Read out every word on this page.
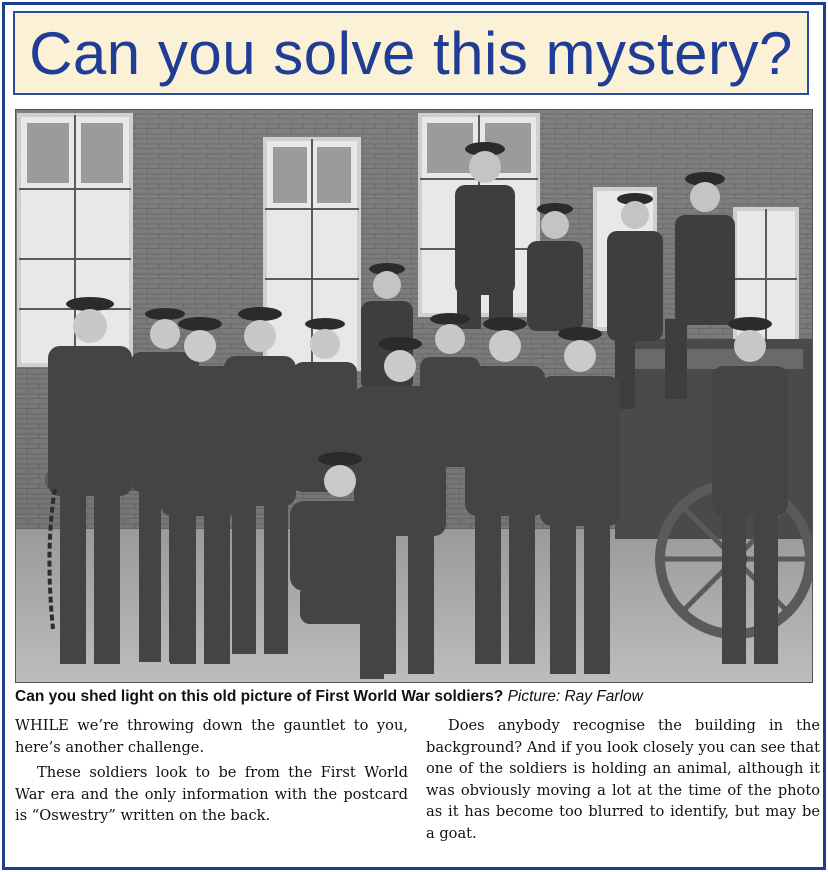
Can you solve this mystery?
Can you shed light on this old picture of First World War soldiers? Picture: Ray Farlow

WHILE we’re throwing down the gauntlet to you, here’s another challenge.

These soldiers look to be from the First World War era and the only information with the postcard is “Oswestry” written on the back.

Does anybody recognise the building in the background? And if you look closely you can see that one of the soldiers is holding an animal, although it was obviously moving a lot at the time of the photo as it has become too blurred to identify, but may be a goat.
